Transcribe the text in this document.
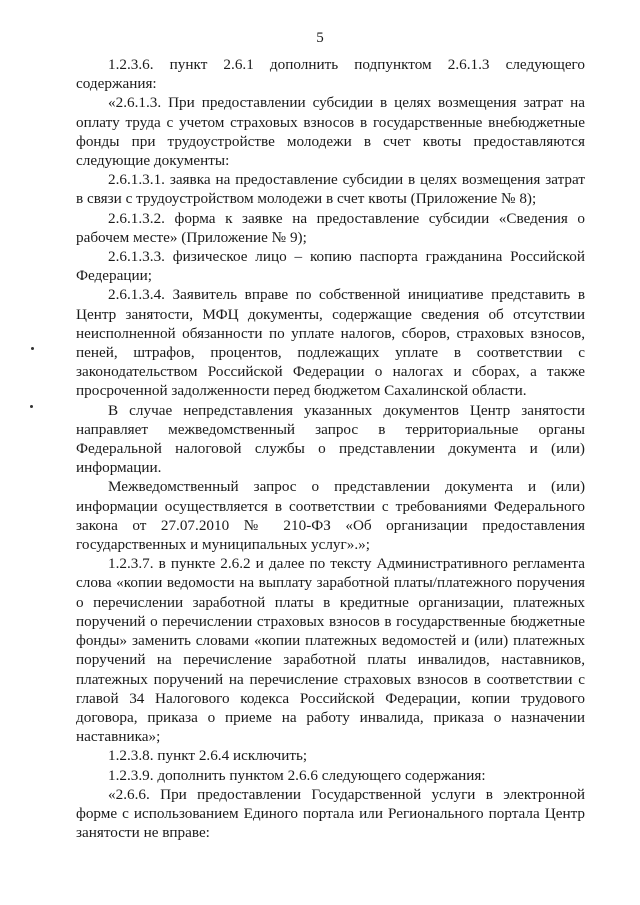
5

1.2.3.6. пункт 2.6.1 дополнить подпунктом 2.6.1.3 следующего содержания:

«2.6.1.3. При предоставлении субсидии в целях возмещения затрат на оплату труда с учетом страховых взносов в государственные внебюджетные фонды при трудоустройстве молодежи в счет квоты предоставляются следующие документы:

2.6.1.3.1. заявка на предоставление субсидии в целях возмещения затрат в связи с трудоустройством молодежи в счет квоты (Приложение № 8);

2.6.1.3.2. форма к заявке на предоставление субсидии «Сведения о рабочем месте» (Приложение № 9);

2.6.1.3.3. физическое лицо – копию паспорта гражданина Российской Федерации;

2.6.1.3.4. Заявитель вправе по собственной инициативе представить в Центр занятости, МФЦ документы, содержащие сведения об отсутствии неисполненной обязанности по уплате налогов, сборов, страховых взносов, пеней, штрафов, процентов, подлежащих уплате в соответствии с законодательством Российской Федерации о налогах и сборах, а также просроченной задолженности перед бюджетом Сахалинской области.

В случае непредставления указанных документов Центр занятости направляет межведомственный запрос в территориальные органы Федеральной налоговой службы о представлении документа и (или) информации.

Межведомственный запрос о представлении документа и (или) информации осуществляется в соответствии с требованиями Федерального закона от 27.07.2010 № 210-ФЗ «Об организации предоставления государственных и муниципальных услуг».»;

1.2.3.7. в пункте 2.6.2 и далее по тексту Административного регламента слова «копии ведомости на выплату заработной платы/платежного поручения о перечислении заработной платы в кредитные организации, платежных поручений о перечислении страховых взносов в государственные бюджетные фонды» заменить словами «копии платежных ведомостей и (или) платежных поручений на перечисление заработной платы инвалидов, наставников, платежных поручений на перечисление страховых взносов в соответствии с главой 34 Налогового кодекса Российской Федерации, копии трудового договора, приказа о приеме на работу инвалида, приказа о назначении наставника»;

1.2.3.8. пункт 2.6.4 исключить;

1.2.3.9. дополнить пунктом 2.6.6 следующего содержания:

«2.6.6. При предоставлении Государственной услуги в электронной форме с использованием Единого портала или Регионального портала Центр занятости не вправе:
